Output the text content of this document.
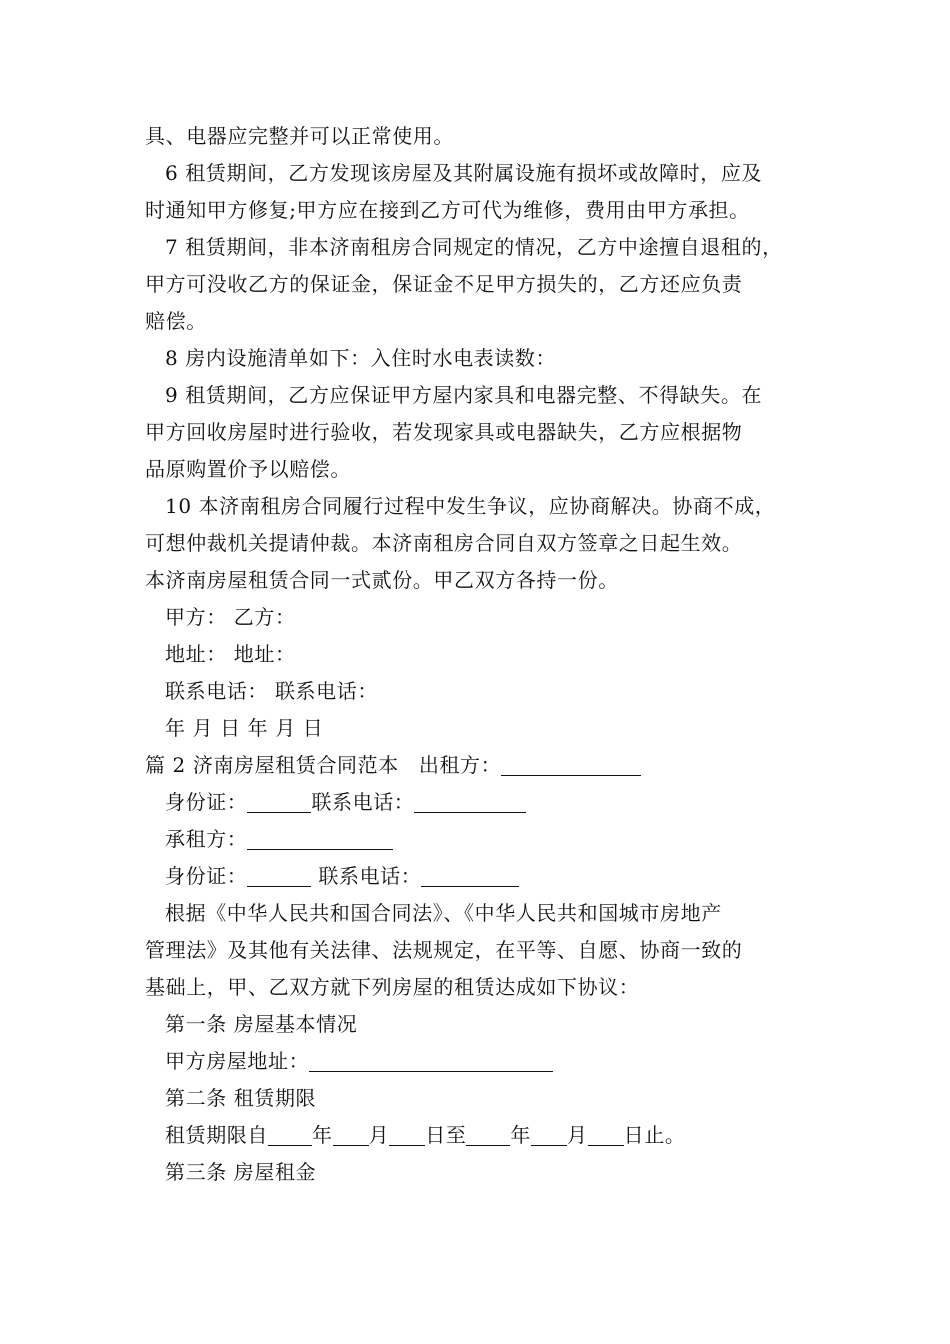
具、电器应完整并可以正常使用。
6 租赁期间，乙方发现该房屋及其附属设施有损坏或故障时，应及
时通知甲方修复;甲方应在接到乙方可代为维修，费用由甲方承担。
7 租赁期间，非本济南租房合同规定的情况，乙方中途擅自退租的，
甲方可没收乙方的保证金，保证金不足甲方损失的，乙方还应负责
赔偿。
8 房内设施清单如下：入住时水电表读数：
9 租赁期间，乙方应保证甲方屋内家具和电器完整、不得缺失。在
甲方回收房屋时进行验收，若发现家具或电器缺失，乙方应根据物
品原购置价予以赔偿。
10 本济南租房合同履行过程中发生争议，应协商解决。协商不成，
可想仲裁机关提请仲裁。本济南租房合同自双方签章之日起生效。
本济南房屋租赁合同一式贰份。甲乙双方各持一份。
甲方： 乙方：
地址： 地址：
联系电话： 联系电话：
年 月 日 年 月 日
篇 2 济南房屋租赁合同范本 出租方：
身份证：	联系电话：
承租方：
身份证：	联系电话：
根据《中华人民共和国合同法》、《中华人民共和国城市房地产
管理法》及其他有关法律、法规规定，在平等、自愿、协商一致的
基础上，甲、乙双方就下列房屋的租赁达成如下协议：
第一条 房屋基本情况
甲方房屋地址：
第二条 租赁期限
租赁期限自 年 月 日至 年 月 日止。
第三条 房屋租金
